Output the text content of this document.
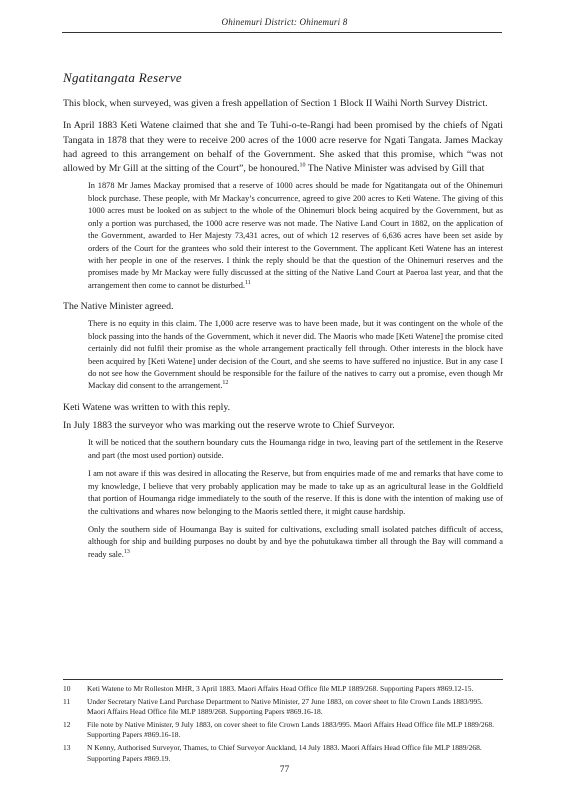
Ohinemuri District: Ohinemuri 8
Ngatitangata Reserve

This block, when surveyed, was given a fresh appellation of Section 1 Block II Waihi North Survey District.

In April 1883 Keti Watene claimed that she and Te Tuhi-o-te-Rangi had been promised by the chiefs of Ngati Tangata in 1878 that they were to receive 200 acres of the 1000 acre reserve for Ngati Tangata. James Mackay had agreed to this arrangement on behalf of the Government. She asked that this promise, which “was not allowed by Mr Gill at the sitting of the Court”, be honoured.$^{10}$ The Native Minister was advised by Gill that

In 1878 Mr James Mackay promised that a reserve of 1000 acres should be made for Ngatitangata out of the Ohinemuri block purchase. These people, with Mr Mackay’s concurrence, agreed to give 200 acres to Keti Watene. The giving of this 1000 acres must be looked on as subject to the whole of the Ohinemuri block being acquired by the Government, but as only a portion was purchased, the 1000 acre reserve was not made. The Native Land Court in 1882, on the application of the Government, awarded to Her Majesty 73,431 acres, out of which 12 reserves of 6,636 acres have been set aside by orders of the Court for the grantees who sold their interest to the Government. The applicant Keti Watene has an interest with her people in one of the reserves. I think the reply should be that the question of the Ohinemuri reserves and the promises made by Mr Mackay were fully discussed at the sitting of the Native Land Court at Paeroa last year, and that the arrangement then come to cannot be disturbed.$^{11}$

The Native Minister agreed.

There is no equity in this claim. The 1,000 acre reserve was to have been made, but it was contingent on the whole of the block passing into the hands of the Government, which it never did. The Maoris who made [Keti Watene] the promise cited certainly did not fulfil their promise as the whole arrangement practically fell through. Other interests in the block have been acquired by [Keti Watene] under decision of the Court, and she seems to have suffered no injustice. But in any case I do not see how the Government should be responsible for the failure of the natives to carry out a promise, even though Mr Mackay did consent to the arrangement.$^{12}$

Keti Watene was written to with this reply.

In July 1883 the surveyor who was marking out the reserve wrote to Chief Surveyor.

It will be noticed that the southern boundary cuts the Houmanga ridge in two, leaving part of the settlement in the Reserve and part (the most used portion) outside.

I am not aware if this was desired in allocating the Reserve, but from enquiries made of me and remarks that have come to my knowledge, I believe that very probably application may be made to take up as an agricultural lease in the Goldfield that portion of Houmanga ridge immediately to the south of the reserve. If this is done with the intention of making use of the cultivations and whares now belonging to the Maoris settled there, it might cause hardship.

Only the southern side of Houmanga Bay is suited for cultivations, excluding small isolated patches difficult of access, although for ship and building purposes no doubt by and bye the pohutukawa timber all through the Bay will command a ready sale.$^{13}$

10	Keti Watene to Mr Rolleston MHR, 3 April 1883. Maori Affairs Head Office file MLP 1889/268. Supporting Papers #869.12-15.
11	Under Secretary Native Land Purchase Department to Native Minister, 27 June 1883, on cover sheet to file Crown Lands 1883/995. Maori Affairs Head Office file MLP 1889/268. Supporting Papers #869.16-18.
12	File note by Native Minister, 9 July 1883, on cover sheet to file Crown Lands 1883/995. Maori Affairs Head Office file MLP 1889/268. Supporting Papers #869.16-18.
13	N Kenny, Authorised Surveyor, Thames, to Chief Surveyor Auckland, 14 July 1883. Maori Affairs Head Office file MLP 1889/268. Supporting Papers #869.19.
77
